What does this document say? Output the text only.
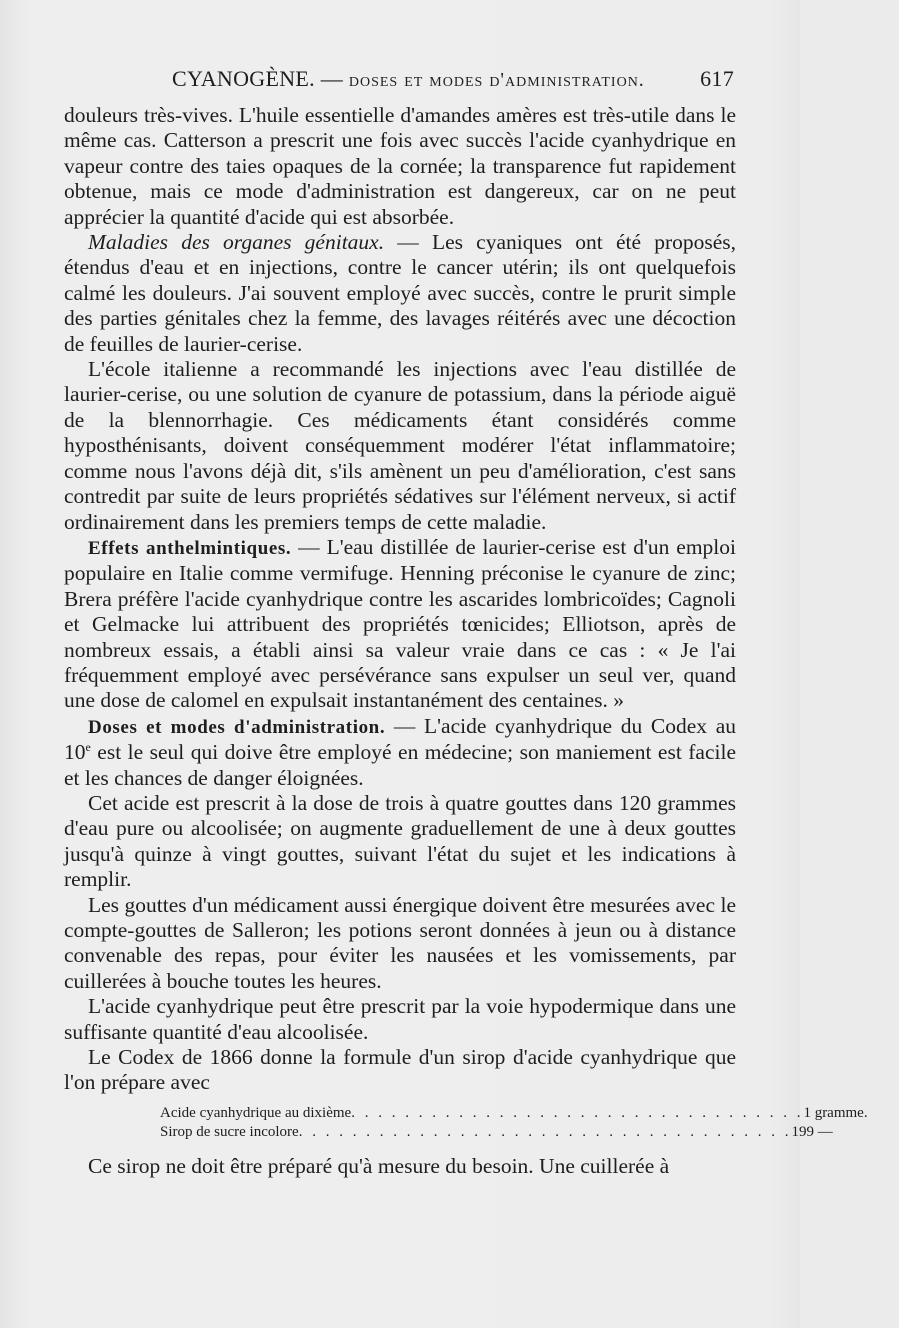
CYANOGÈNE. — doses et modes d'administration.	617

douleurs très-vives. L'huile essentielle d'amandes amères est très-utile dans le même cas. Catterson a prescrit une fois avec succès l'acide cyanhydrique en vapeur contre des taies opaques de la cornée; la transparence fut rapidement obtenue, mais ce mode d'administration est dangereux, car on ne peut apprécier la quantité d'acide qui est absorbée.

Maladies des organes génitaux. — Les cyaniques ont été proposés, étendus d'eau et en injections, contre le cancer utérin; ils ont quelquefois calmé les douleurs. J'ai souvent employé avec succès, contre le prurit simple des parties génitales chez la femme, des lavages réitérés avec une décoction de feuilles de laurier-cerise.

L'école italienne a recommandé les injections avec l'eau distillée de laurier-cerise, ou une solution de cyanure de potassium, dans la période aiguë de la blennorrhagie. Ces médicaments étant considérés comme hyposthénisants, doivent conséquemment modérer l'état inflammatoire; comme nous l'avons déjà dit, s'ils amènent un peu d'amélioration, c'est sans contredit par suite de leurs propriétés sédatives sur l'élément nerveux, si actif ordinairement dans les premiers temps de cette maladie.

Effets anthelmintiques. — L'eau distillée de laurier-cerise est d'un emploi populaire en Italie comme vermifuge. Henning préconise le cyanure de zinc; Brera préfère l'acide cyanhydrique contre les ascarides lombricoïdes; Cagnoli et Gelmacke lui attribuent des propriétés tœnicides; Elliotson, après de nombreux essais, a établi ainsi sa valeur vraie dans ce cas : « Je l'ai fréquemment employé avec persévérance sans expulser un seul ver, quand une dose de calomel en expulsait instantanément des centaines. »

Doses et modes d'administration. — L'acide cyanhydrique du Codex au 10e est le seul qui doive être employé en médecine; son maniement est facile et les chances de danger éloignées.

Cet acide est prescrit à la dose de trois à quatre gouttes dans 120 grammes d'eau pure ou alcoolisée; on augmente graduellement de une à deux gouttes jusqu'à quinze à vingt gouttes, suivant l'état du sujet et les indications à remplir.

Les gouttes d'un médicament aussi énergique doivent être mesurées avec le compte-gouttes de Salleron; les potions seront données à jeun ou à distance convenable des repas, pour éviter les nausées et les vomissements, par cuillerées à bouche toutes les heures.

L'acide cyanhydrique peut être prescrit par la voie hypodermique dans une suffisante quantité d'eau alcoolisée.

Le Codex de 1866 donne la formule d'un sirop d'acide cyanhydrique que l'on prépare avec

Acide cyanhydrique au dixième . . . . . . . . . . . . . . . . . . . . . . . . . . . . . . . . . . 1 gramme.
Sirop de sucre incolore . . . . . . . . . . . . . . . . . . . . . . . . . . . . . . . . . . . . . 199 —

Ce sirop ne doit être préparé qu'à mesure du besoin. Une cuillerée à
